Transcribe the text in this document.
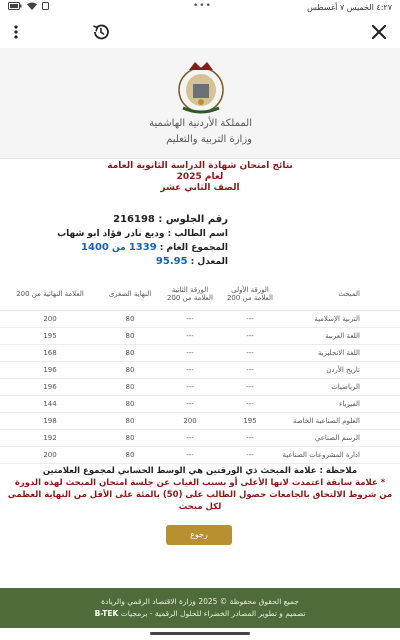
٤:٢٧ الخميس ٧ أغسطس
•••
المملكة الأردنية الهاشمية
وزارة التربية والتعليم
نتائج امتحان شهادة الدراسة الثانوية العامة
لعام 2025
الصف الثاني عشر
رقم الجلوس : 216198
اسم الطالب : وديع نادر فؤاد ابو شهاب
المجموع العام : 1339 من 1400
المعدل : 95.95
المبحث
الورقة الأولى
العلامة من 200
الورقة الثانية
العلامة من 200
النهاية الصغرى
العلامة النهائية من 200
التربية الإسلامية
---
---
80
200
اللغة العربية
---
---
80
195
اللغة الانجليزية
---
---
80
168
تاريخ الأردن
---
---
80
196
الرياضيات
---
---
80
196
الفيزياء
---
---
80
144
العلوم الصناعية الخاصة
195
200
80
198
الرسم الصناعي
---
---
80
192
ادارة المشروعات الصناعية
---
---
80
200
ملاحظة : علامة المبحث ذي الورقتين هي الوسط الحسابي لمجموع العلامتين
* علامة سابقة اعتمدت لانها الأعلى أو بسبب الغياب عن جلسة امتحان المبحث لهذه الدورة
من شروط الالتحاق بالجامعات حصول الطالب على (50) بالمئة على الأقل من النهاية العظمى لكل مبحث
رجوع
جميع الحقوق محفوظة © 2025 وزارة الاقتصاد الرقمي والريادة
تصميم و تطوير المصادر الخضراء للحلول الرقمية - برمجيات B-TEK
